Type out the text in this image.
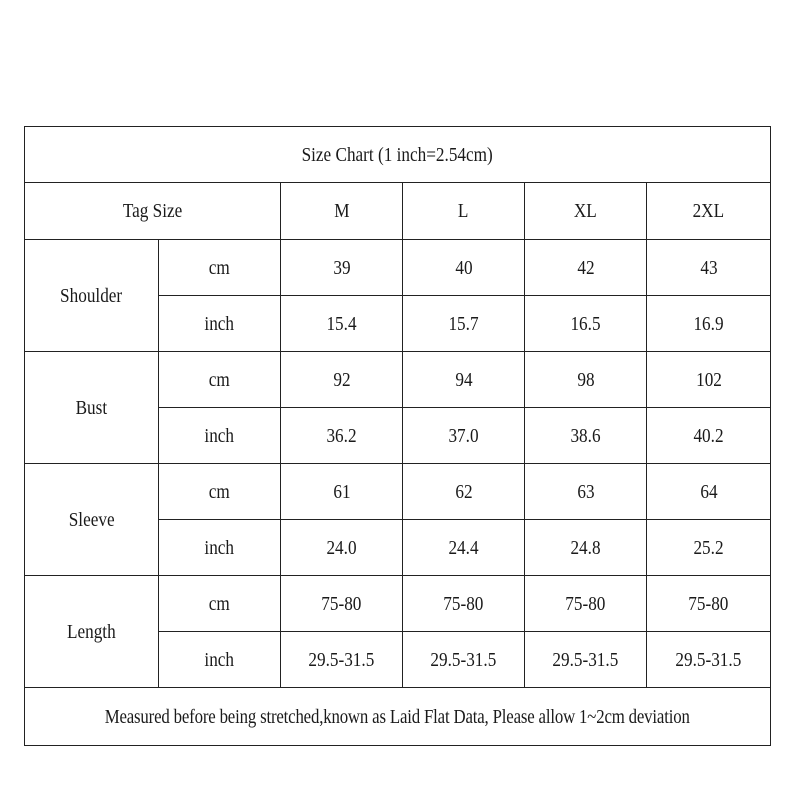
Size Chart (1 inch=2.54cm)					
Tag Size		M	L	XL	2XL
Shoulder	cm	39	40	42	43
	inch	15.4	15.7	16.5	16.9
Bust	cm	92	94	98	102
	inch	36.2	37.0	38.6	40.2
Sleeve	cm	61	62	63	64
	inch	24.0	24.4	24.8	25.2
Length	cm	75-80	75-80	75-80	75-80
	inch	29.5-31.5	29.5-31.5	29.5-31.5	29.5-31.5
Measured before being stretched,known as Laid Flat Data, Please allow 1~2cm deviation					
